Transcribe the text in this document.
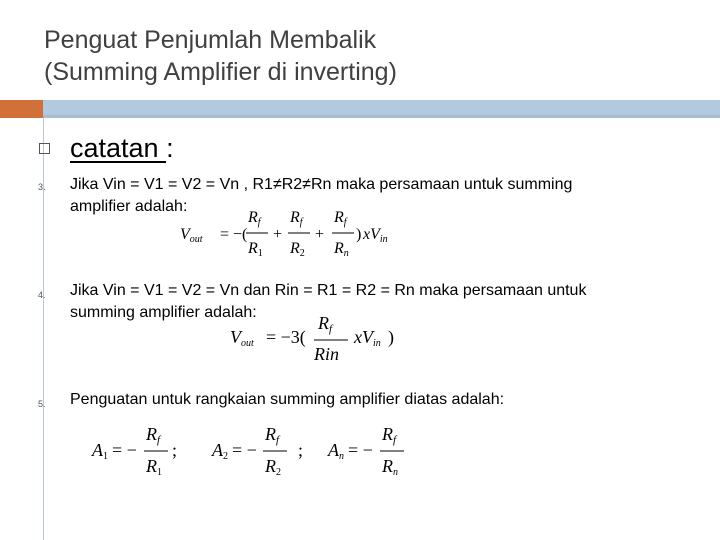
Penguat Penjumlah Membalik
(Summing Amplifier di inverting)
catatan :
3. Jika Vin = V1 = V2 = Vn , R1≠R2≠Rn maka persamaan untuk summing
amplifier adalah:
Vout = −(
Rf
R1
+
Rf
R2
+
Rf
Rn
) xVin
4. Jika Vin = V1 = V2 = Vn dan Rin = R1 = R2 = Rn maka persamaan untuk
summing amplifier adalah:
Vout = −3(
Rf
Rin
xVin )
5. Penguatan untuk rangkaian summing amplifier diatas adalah:
A1 = −
Rf
R1
; A2 = −
Rf
R2
; An = −
Rf
Rn
